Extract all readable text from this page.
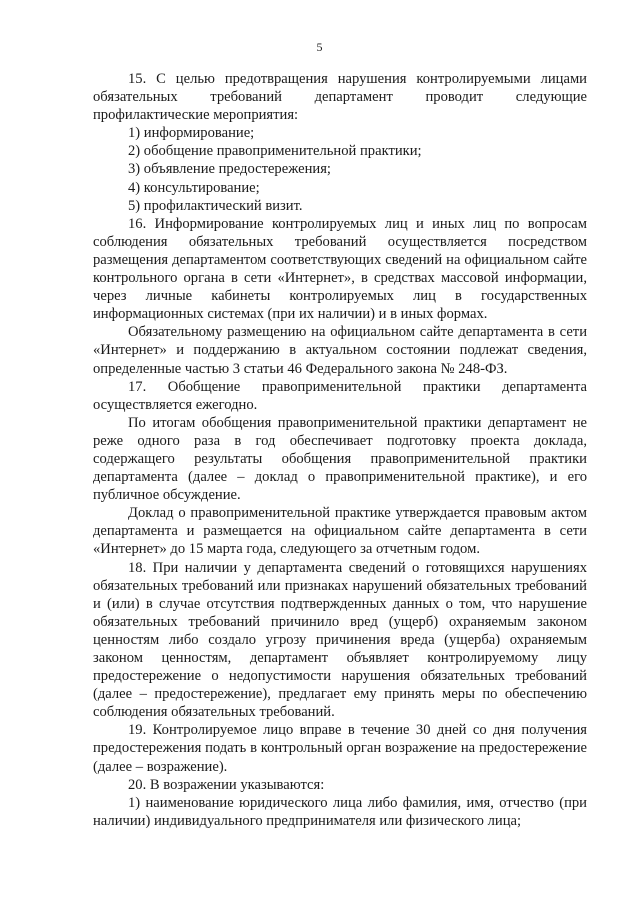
5

15. С целью предотвращения нарушения контролируемыми лицами обязательных требований департамент проводит следующие профилактические мероприятия:

1) информирование;

2) обобщение правоприменительной практики;

3) объявление предостережения;

4) консультирование;

5) профилактический визит.

16. Информирование контролируемых лиц и иных лиц по вопросам соблюдения обязательных требований осуществляется посредством размещения департаментом соответствующих сведений на официальном сайте контрольного органа в сети «Интернет», в средствах массовой информации, через личные кабинеты контролируемых лиц в государственных информационных системах (при их наличии) и в иных формах.

Обязательному размещению на официальном сайте департамента в сети «Интернет» и поддержанию в актуальном состоянии подлежат сведения, определенные частью 3 статьи 46 Федерального закона № 248-ФЗ.

17. Обобщение правоприменительной практики департамента осуществляется ежегодно.

По итогам обобщения правоприменительной практики департамент не реже одного раза в год обеспечивает подготовку проекта доклада, содержащего результаты обобщения правоприменительной практики департамента (далее – доклад о правоприменительной практике), и его публичное обсуждение.

Доклад о правоприменительной практике утверждается правовым актом департамента и размещается на официальном сайте департамента в сети «Интернет» до 15 марта года, следующего за отчетным годом.

18. При наличии у департамента сведений о готовящихся нарушениях обязательных требований или признаках нарушений обязательных требований и (или) в случае отсутствия подтвержденных данных о том, что нарушение обязательных требований причинило вред (ущерб) охраняемым законом ценностям либо создало угрозу причинения вреда (ущерба) охраняемым законом ценностям, департамент объявляет контролируемому лицу предостережение о недопустимости нарушения обязательных требований (далее – предостережение), предлагает ему принять меры по обеспечению соблюдения обязательных требований.

19. Контролируемое лицо вправе в течение 30 дней со дня получения предостережения подать в контрольный орган возражение на предостережение (далее – возражение).

20. В возражении указываются:

1) наименование юридического лица либо фамилия, имя, отчество (при наличии) индивидуального предпринимателя или физического лица;
